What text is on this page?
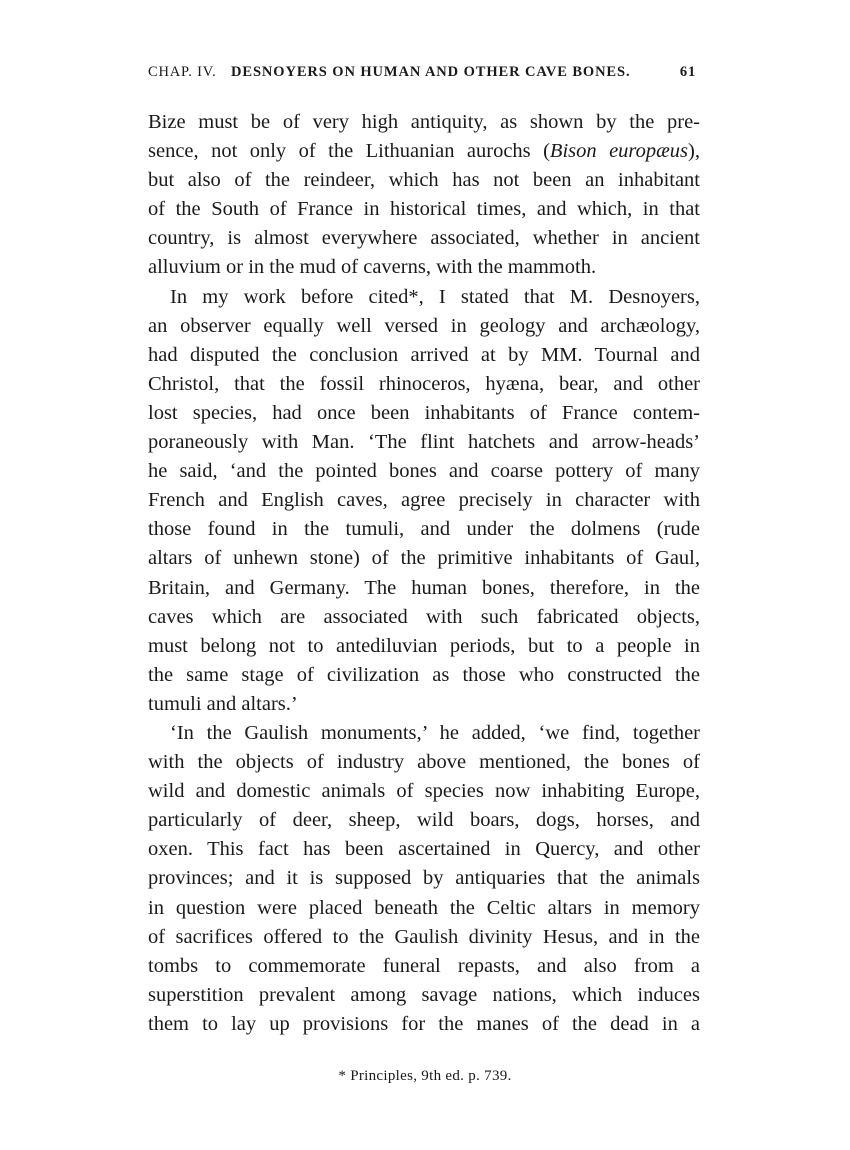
CHAP. IV. DESNOYERS ON HUMAN AND OTHER CAVE BONES.	61
Bize must be of very high antiquity, as shown by the pre-
sence, not only of the Lithuanian aurochs (Bison europæus),
but also of the reindeer, which has not been an inhabitant
of the South of France in historical times, and which, in that
country, is almost everywhere associated, whether in ancient
alluvium or in the mud of caverns, with the mammoth.
In my work before cited*, I stated that M. Desnoyers,
an observer equally well versed in geology and archæology,
had disputed the conclusion arrived at by MM. Tournal and
Christol, that the fossil rhinoceros, hyæna, bear, and other
lost species, had once been inhabitants of France contem-
poraneously with Man. ‘The flint hatchets and arrow-heads’
he said, ‘and the pointed bones and coarse pottery of many
French and English caves, agree precisely in character with
those found in the tumuli, and under the dolmens (rude
altars of unhewn stone) of the primitive inhabitants of Gaul,
Britain, and Germany. The human bones, therefore, in the
caves which are associated with such fabricated objects,
must belong not to antediluvian periods, but to a people in
the same stage of civilization as those who constructed the
tumuli and altars.’
‘In the Gaulish monuments,’ he added, ‘we find, together
with the objects of industry above mentioned, the bones of
wild and domestic animals of species now inhabiting Europe,
particularly of deer, sheep, wild boars, dogs, horses, and
oxen. This fact has been ascertained in Quercy, and other
provinces; and it is supposed by antiquaries that the animals
in question were placed beneath the Celtic altars in memory
of sacrifices offered to the Gaulish divinity Hesus, and in the
tombs to commemorate funeral repasts, and also from a
superstition prevalent among savage nations, which induces
them to lay up provisions for the manes of the dead in a
* Principles, 9th ed. p. 739.
